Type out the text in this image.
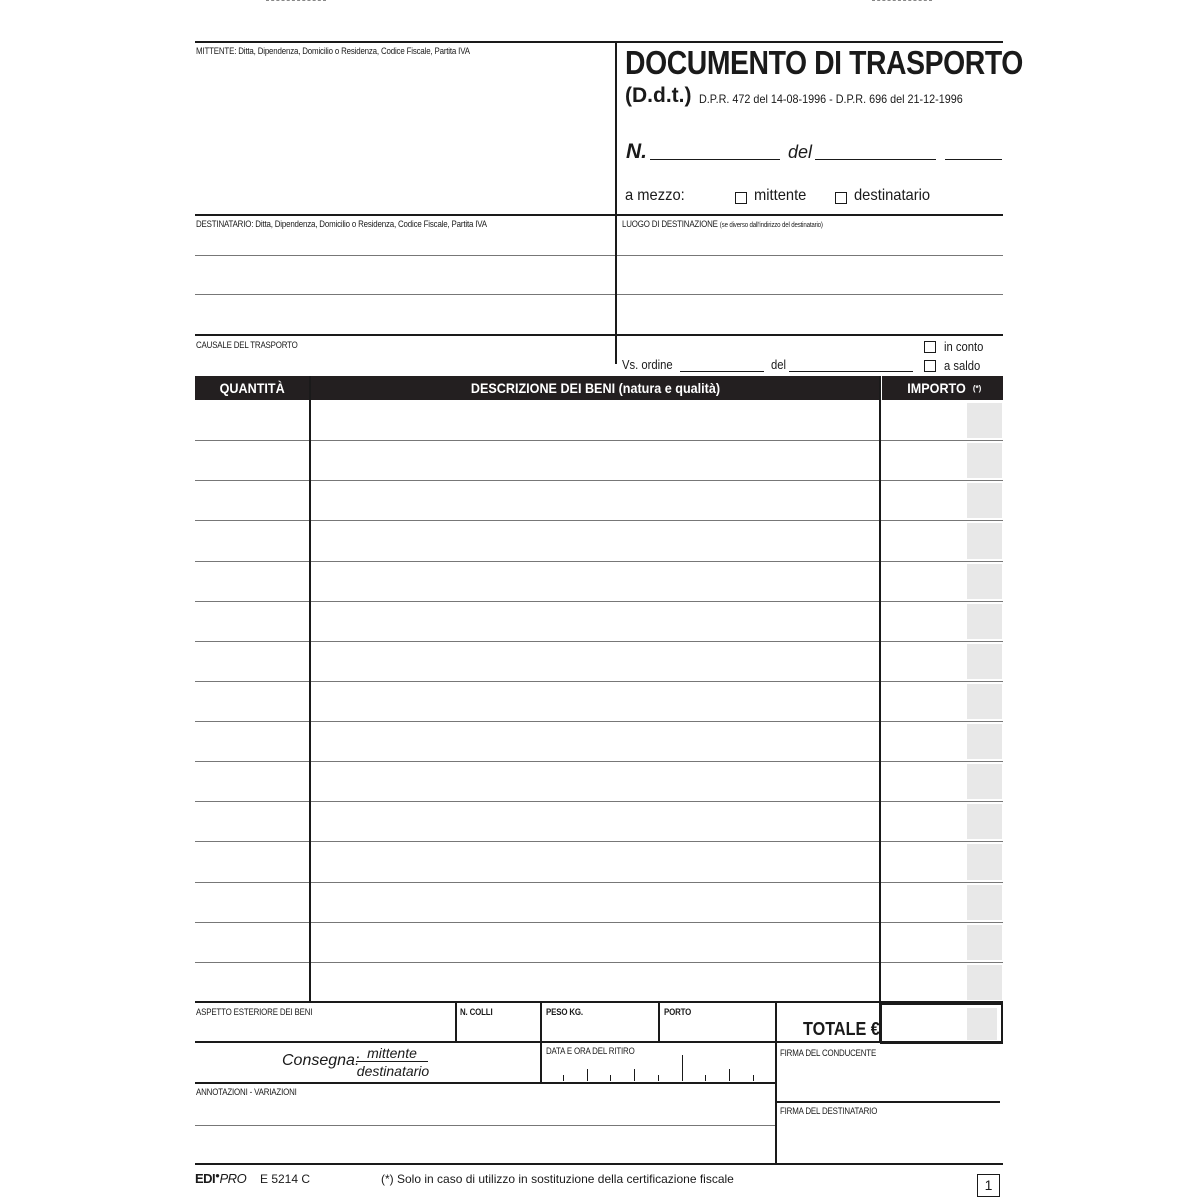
MITTENTE: Ditta, Dipendenza, Domicilio o Residenza, Codice Fiscale, Partita IVA	DOCUMENTO DI TRASPORTO
(D.d.t.) D.P.R. 472 del 14-08-1996 - D.P.R. 696 del 21-12-1996
N.	del
a mezzo:	mittente	destinatario
DESTINATARIO: Ditta, Dipendenza, Domicilio o Residenza, Codice Fiscale, Partita IVA	LUOGO DI DESTINAZIONE (se diverso dall'indirizzo del destinatario)
CAUSALE DEL TRASPORTO
Vs. ordine	del
in conto
a saldo
QUANTITÀ	DESCRIZIONE DEI BENI (natura e qualità)	IMPORTO (*)
ASPETTO ESTERIORE DEI BENI	N. COLLI	PESO KG.	PORTO
TOTALE €
Consegna: mittente
destinatario
DATA E ORA DEL RITIRO	FIRMA DEL CONDUCENTE
ANNOTAZIONI - VARIAZIONI
FIRMA DEL DESTINATARIO
EDI●PRO E 5214 C	(*) Solo in caso di utilizzo in sostituzione della certificazione fiscale	1
